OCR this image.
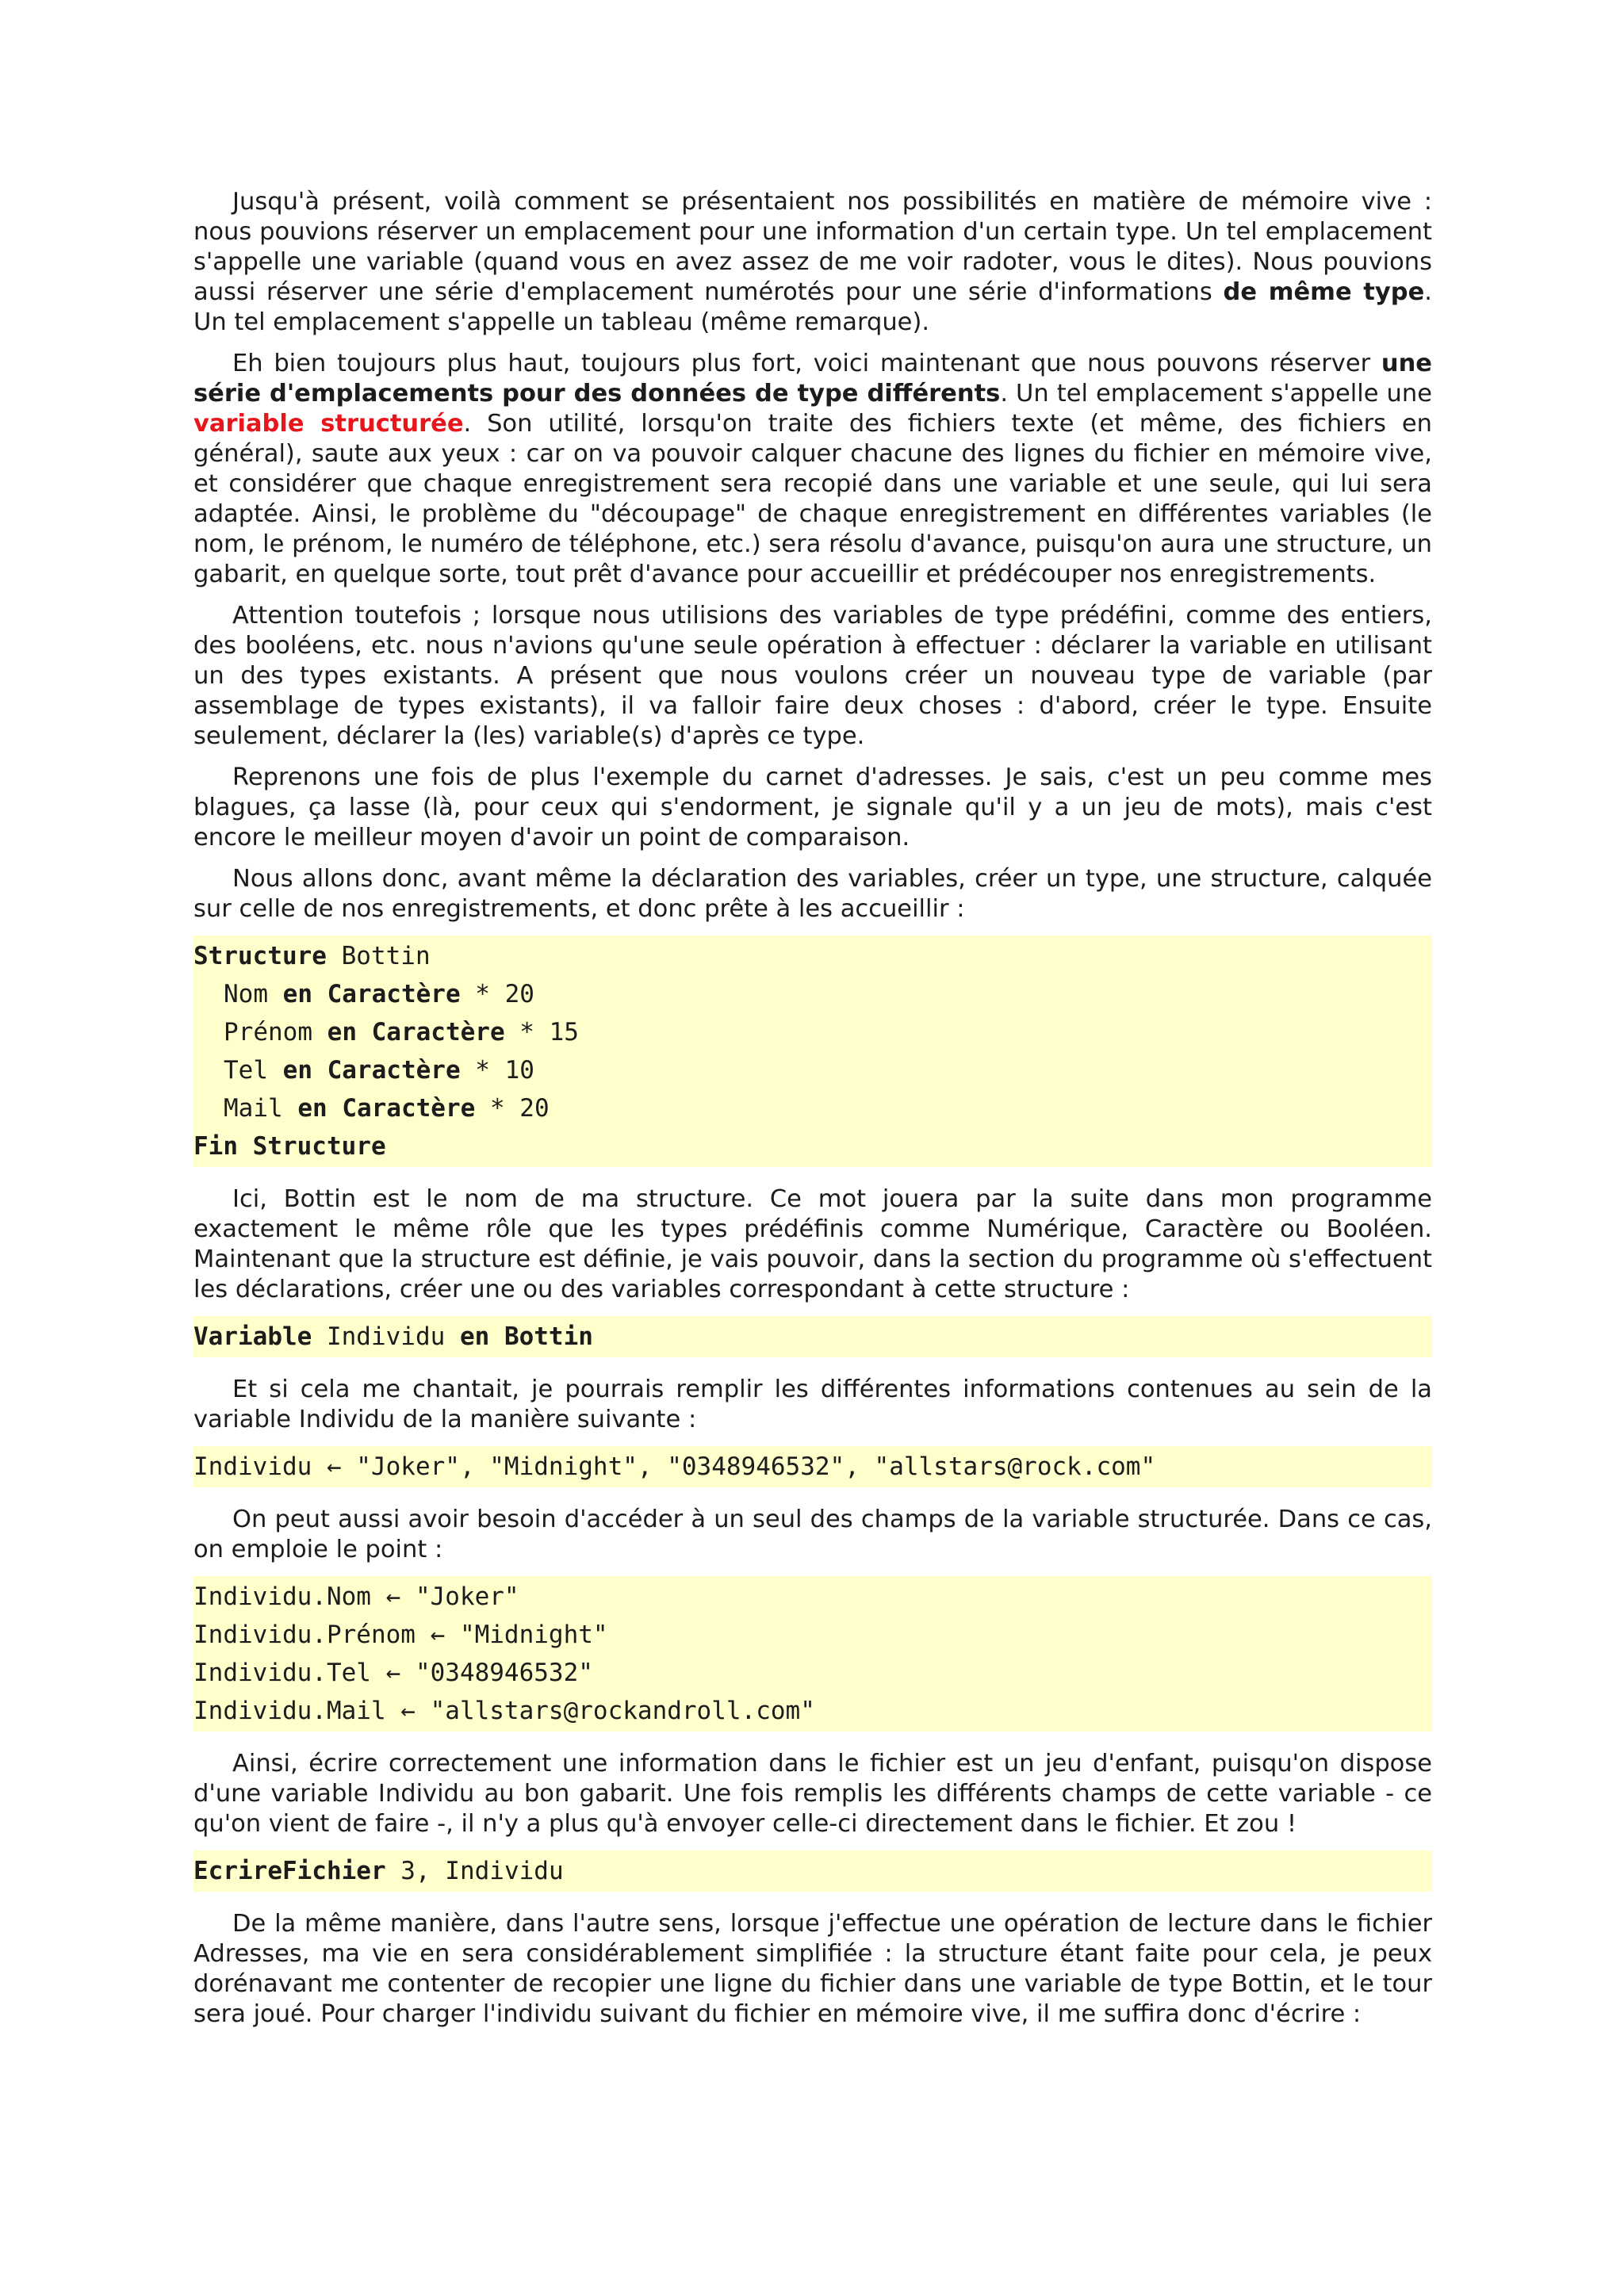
Jusqu'à présent, voilà comment se présentaient nos possibilités en matière de mémoire vive : nous pouvions réserver un emplacement pour une information d'un certain type. Un tel emplacement s'appelle une variable (quand vous en avez assez de me voir radoter, vous le dites). Nous pouvions aussi réserver une série d'emplacement numérotés pour une série d'informations de même type. Un tel emplacement s'appelle un tableau (même remarque).

Eh bien toujours plus haut, toujours plus fort, voici maintenant que nous pouvons réserver une série d'emplacements pour des données de type différents. Un tel emplacement s'appelle une variable structurée. Son utilité, lorsqu'on traite des fichiers texte (et même, des fichiers en général), saute aux yeux : car on va pouvoir calquer chacune des lignes du fichier en mémoire vive, et considérer que chaque enregistrement sera recopié dans une variable et une seule, qui lui sera adaptée. Ainsi, le problème du "découpage" de chaque enregistrement en différentes variables (le nom, le prénom, le numéro de téléphone, etc.) sera résolu d'avance, puisqu'on aura une structure, un gabarit, en quelque sorte, tout prêt d'avance pour accueillir et prédécouper nos enregistrements.

Attention toutefois ; lorsque nous utilisions des variables de type prédéfini, comme des entiers, des booléens, etc. nous n'avions qu'une seule opération à effectuer : déclarer la variable en utilisant un des types existants. A présent que nous voulons créer un nouveau type de variable (par assemblage de types existants), il va falloir faire deux choses : d'abord, créer le type. Ensuite seulement, déclarer la (les) variable(s) d'après ce type.

Reprenons une fois de plus l'exemple du carnet d'adresses. Je sais, c'est un peu comme mes blagues, ça lasse (là, pour ceux qui s'endorment, je signale qu'il y a un jeu de mots), mais c'est encore le meilleur moyen d'avoir un point de comparaison.

Nous allons donc, avant même la déclaration des variables, créer un type, une structure, calquée sur celle de nos enregistrements, et donc prête à les accueillir :

Structure Bottin
Nom en Caractère * 20
Prénom en Caractère * 15
Tel en Caractère * 10
Mail en Caractère * 20
Fin Structure

Ici, Bottin est le nom de ma structure. Ce mot jouera par la suite dans mon programme exactement le même rôle que les types prédéfinis comme Numérique, Caractère ou Booléen. Maintenant que la structure est définie, je vais pouvoir, dans la section du programme où s'effectuent les déclarations, créer une ou des variables correspondant à cette structure :

Variable Individu en Bottin

Et si cela me chantait, je pourrais remplir les différentes informations contenues au sein de la variable Individu de la manière suivante :

Individu ← "Joker", "Midnight", "0348946532", "allstars@rock.com"

On peut aussi avoir besoin d'accéder à un seul des champs de la variable structurée. Dans ce cas, on emploie le point :

Individu.Nom ← "Joker"
Individu.Prénom ← "Midnight"
Individu.Tel ← "0348946532"
Individu.Mail ← "allstars@rockandroll.com"

Ainsi, écrire correctement une information dans le fichier est un jeu d'enfant, puisqu'on dispose d'une variable Individu au bon gabarit. Une fois remplis les différents champs de cette variable - ce qu'on vient de faire -, il n'y a plus qu'à envoyer celle-ci directement dans le fichier. Et zou !

EcrireFichier 3, Individu

De la même manière, dans l'autre sens, lorsque j'effectue une opération de lecture dans le fichier Adresses, ma vie en sera considérablement simplifiée : la structure étant faite pour cela, je peux dorénavant me contenter de recopier une ligne du fichier dans une variable de type Bottin, et le tour sera joué. Pour charger l'individu suivant du fichier en mémoire vive, il me suffira donc d'écrire :
